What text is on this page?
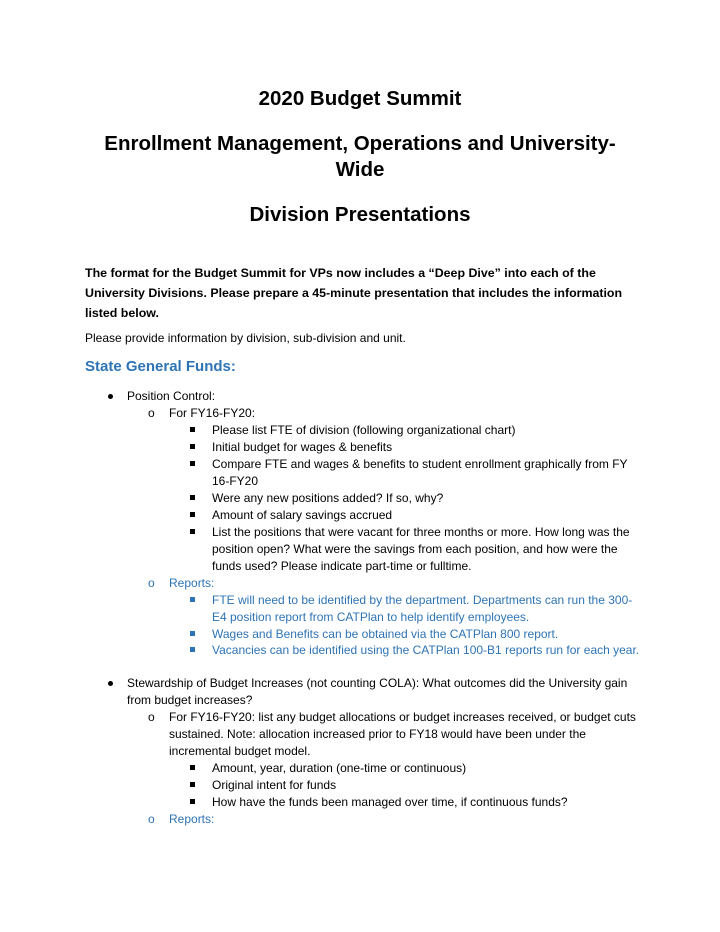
2020 Budget Summit
Enrollment Management, Operations and University-
Wide
Division Presentations
The format for the Budget Summit for VPs now includes a “Deep Dive” into each of the
University Divisions. Please prepare a 45-minute presentation that includes the information
listed below.
Please provide information by division, sub-division and unit.
State General Funds:
Position Control:
o For FY16-FY20:
Please list FTE of division (following organizational chart)
Initial budget for wages & benefits
Compare FTE and wages & benefits to student enrollment graphically from FY
16-FY20
Were any new positions added? If so, why?
Amount of salary savings accrued
List the positions that were vacant for three months or more. How long was the
position open? What were the savings from each position, and how were the
funds used? Please indicate part-time or fulltime.
o Reports:
FTE will need to be identified by the department. Departments can run the 300-
E4 position report from CATPlan to help identify employees.
Wages and Benefits can be obtained via the CATPlan 800 report.
Vacancies can be identified using the CATPlan 100-B1 reports run for each year.
Stewardship of Budget Increases (not counting COLA): What outcomes did the University gain
from budget increases?
o For FY16-FY20: list any budget allocations or budget increases received, or budget cuts
sustained. Note: allocation increased prior to FY18 would have been under the
incremental budget model.
Amount, year, duration (one-time or continuous)
Original intent for funds
How have the funds been managed over time, if continuous funds?
o Reports:
